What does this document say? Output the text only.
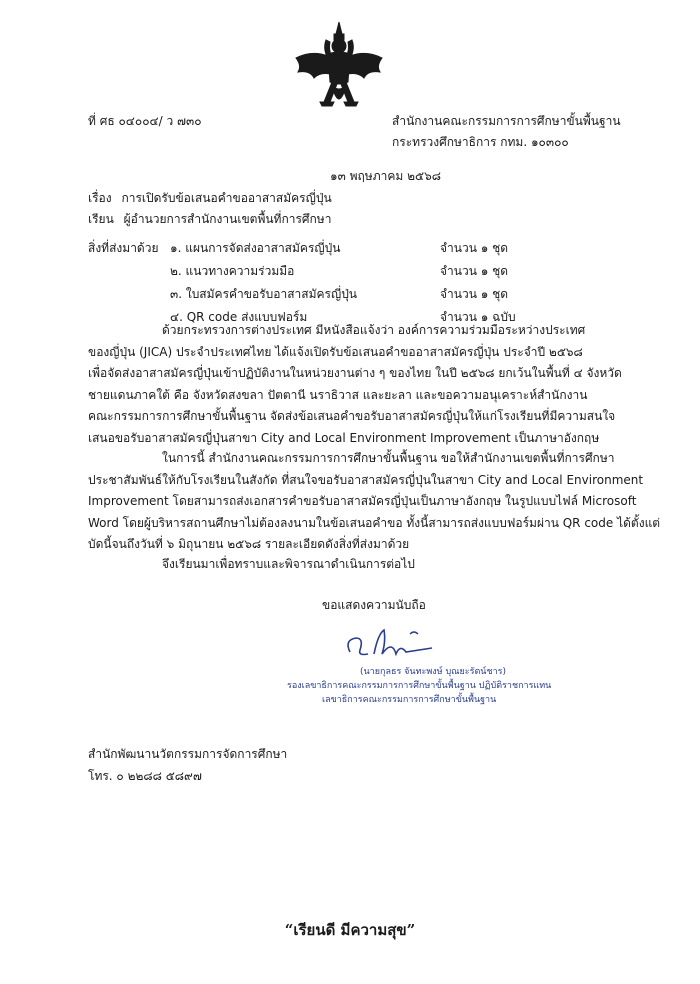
ที่ ศธ ๐๔๐๐๔/ ว ๗๓๐	สำนักงานคณะกรรมการการศึกษาขั้นพื้นฐาน
กระทรวงศึกษาธิการ กทม. ๑๐๓๐๐
๑๓ พฤษภาคม ๒๕๖๘
เรื่อง การเปิดรับข้อเสนอคำขออาสาสมัครญี่ปุ่น
เรียน ผู้อำนวยการสำนักงานเขตพื้นที่การศึกษา
สิ่งที่ส่งมาด้วย ๑. แผนการจัดส่งอาสาสมัครญี่ปุ่น	จำนวน ๑ ชุด
๒. แนวทางความร่วมมือ	จำนวน ๑ ชุด
๓. ใบสมัครคำขอรับอาสาสมัครญี่ปุ่น	จำนวน ๑ ชุด
๔. QR code ส่งแบบฟอร์ม	จำนวน ๑ ฉบับ
ด้วยกระทรวงการต่างประเทศ มีหนังสือแจ้งว่า องค์การความร่วมมือระหว่างประเทศ
ของญี่ปุ่น (JICA) ประจำประเทศไทย ได้แจ้งเปิดรับข้อเสนอคำขออาสาสมัครญี่ปุ่น ประจำปี ๒๕๖๘
เพื่อจัดส่งอาสาสมัครญี่ปุ่นเข้าปฏิบัติงานในหน่วยงานต่าง ๆ ของไทย ในปี ๒๕๖๘ ยกเว้นในพื้นที่ ๔ จังหวัด
ชายแดนภาคใต้ คือ จังหวัดสงขลา ปัตตานี นราธิวาส และยะลา และขอความอนุเคราะห์สำนักงาน
คณะกรรมการการศึกษาขั้นพื้นฐาน จัดส่งข้อเสนอคำขอรับอาสาสมัครญี่ปุ่นให้แก่โรงเรียนที่มีความสนใจ
เสนอขอรับอาสาสมัครญี่ปุ่นสาขา City and Local Environment Improvement เป็นภาษาอังกฤษ
ในการนี้ สำนักงานคณะกรรมการการศึกษาขั้นพื้นฐาน ขอให้สำนักงานเขตพื้นที่การศึกษา
ประชาสัมพันธ์ให้กับโรงเรียนในสังกัด ที่สนใจขอรับอาสาสมัครญี่ปุ่นในสาขา City and Local Environment
Improvement โดยสามารถส่งเอกสารคำขอรับอาสาสมัครญี่ปุ่นเป็นภาษาอังกฤษ ในรูปแบบไฟล์ Microsoft
Word โดยผู้บริหารสถานศึกษาไม่ต้องลงนามในข้อเสนอคำขอ ทั้งนี้สามารถส่งแบบฟอร์มผ่าน QR code ได้ตั้งแต่
บัดนี้จนถึงวันที่ ๖ มิถุนายน ๒๕๖๘ รายละเอียดดังสิ่งที่ส่งมาด้วย
จึงเรียนมาเพื่อทราบและพิจารณาดำเนินการต่อไป
ขอแสดงความนับถือ
(นายกุลธร จันทะพงษ์ บุณยะรัตน์ชาร)
รองเลขาธิการคณะกรรมการการศึกษาขั้นพื้นฐาน ปฏิบัติราชการแทน
เลขาธิการคณะกรรมการการศึกษาขั้นพื้นฐาน
สำนักพัฒนานวัตกรรมการจัดการศึกษา
โทร. ๐ ๒๒๘๘ ๕๘๙๗
“เรียนดี มีความสุข”
